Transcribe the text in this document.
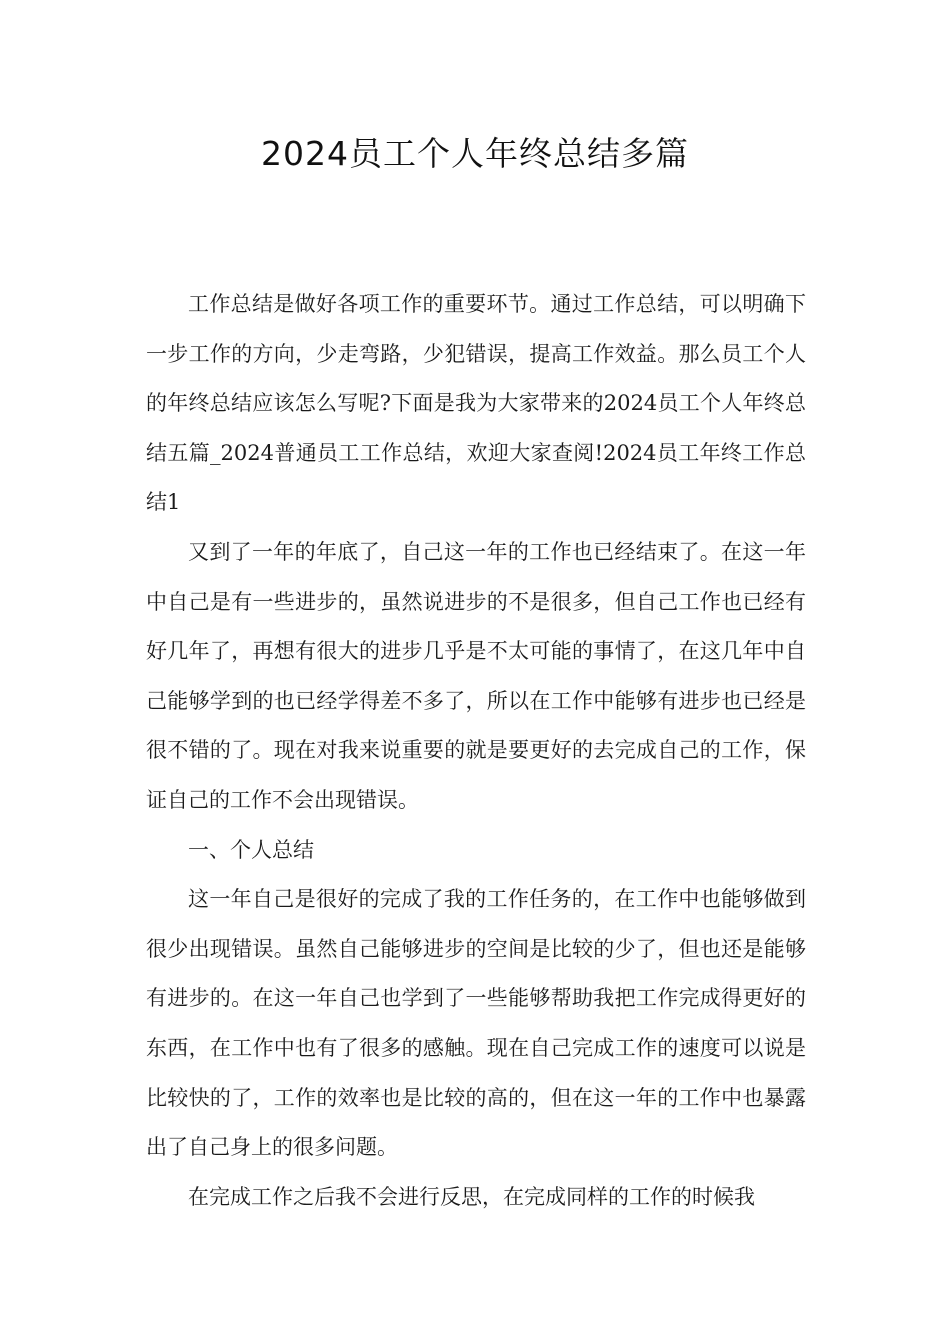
2024员工个人年终总结多篇

工作总结是做好各项工作的重要环节。通过工作总结，可以明确下一步工作的方向，少走弯路，少犯错误，提高工作效益。那么员工个人的年终总结应该怎么写呢?下面是我为大家带来的2024员工个人年终总结五篇_2024普通员工工作总结，欢迎大家查阅!2024员工年终工作总结1

又到了一年的年底了，自己这一年的工作也已经结束了。在这一年中自己是有一些进步的，虽然说进步的不是很多，但自己工作也已经有好几年了，再想有很大的进步几乎是不太可能的事情了，在这几年中自己能够学到的也已经学得差不多了，所以在工作中能够有进步也已经是很不错的了。现在对我来说重要的就是要更好的去完成自己的工作，保证自己的工作不会出现错误。

一、个人总结

这一年自己是很好的完成了我的工作任务的，在工作中也能够做到很少出现错误。虽然自己能够进步的空间是比较的少了，但也还是能够有进步的。在这一年自己也学到了一些能够帮助我把工作完成得更好的东西，在工作中也有了很多的感触。现在自己完成工作的速度可以说是比较快的了，工作的效率也是比较的高的，但在这一年的工作中也暴露出了自己身上的很多问题。

在完成工作之后我不会进行反思，在完成同样的工作的时候我
